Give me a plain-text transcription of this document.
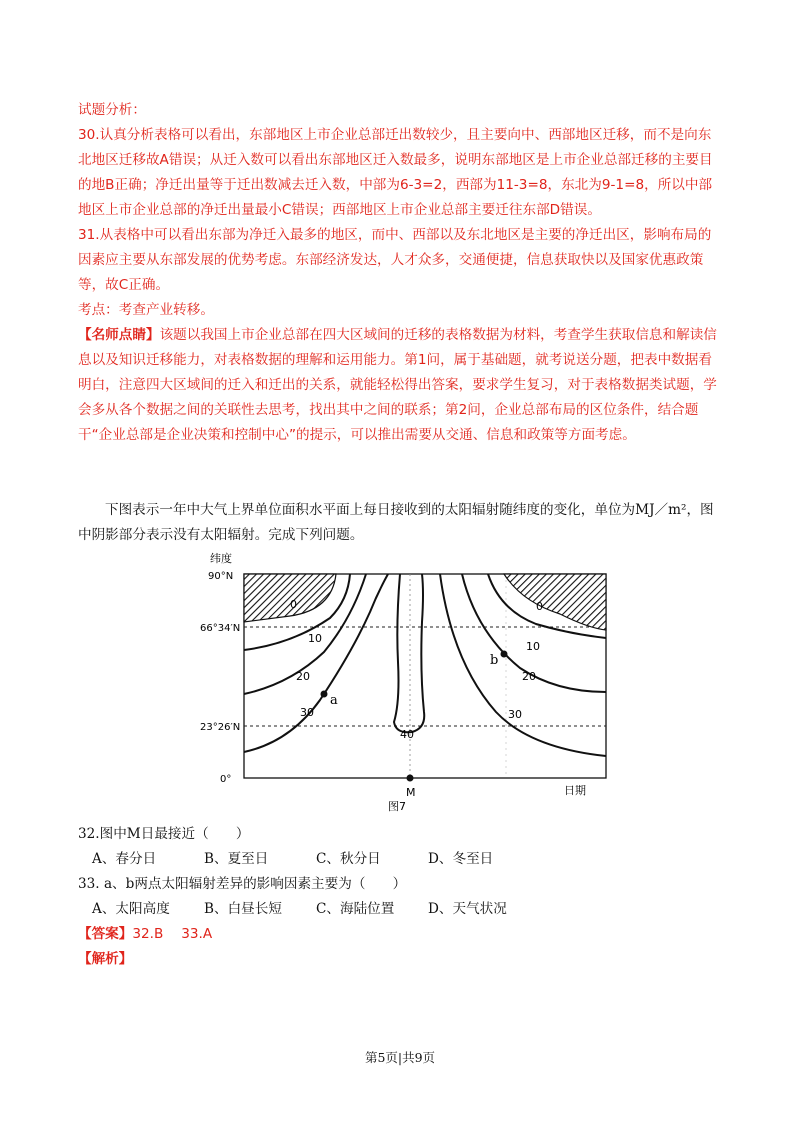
试题分析：

30.认真分析表格可以看出，东部地区上市企业总部迁出数较少，且主要向中、西部地区迁移，而不是向东北地区迁移故A错误；从迁入数可以看出东部地区迁入数最多，说明东部地区是上市企业总部迁移的主要目的地B正确；净迁出量等于迁出数减去迁入数，中部为6-3=2，西部为11-3=8，东北为9-1=8，所以中部地区上市企业总部的净迁出量最小C错误；西部地区上市企业总部主要迁往东部D错误。

31.从表格中可以看出东部为净迁入最多的地区，而中、西部以及东北地区是主要的净迁出区，影响布局的因素应主要从东部发展的优势考虑。东部经济发达，人才众多，交通便捷，信息获取快以及国家优惠政策等，故C正确。

考点：考查产业转移。

【名师点睛】该题以我国上市企业总部在四大区域间的迁移的表格数据为材料，考查学生获取信息和解读信息以及知识迁移能力，对表格数据的理解和运用能力。第1问，属于基础题，就考说送分题，把表中数据看明白，注意四大区域间的迁入和迁出的关系，就能轻松得出答案，要求学生复习，对于表格数据类试题，学会多从各个数据之间的关联性去思考，找出其中之间的联系；第2问，企业总部布局的区位条件，结合题干“企业总部是企业决策和控制中心”的提示，可以推出需要从交通、信息和政策等方面考虑。

下图表示一年中大气上界单位面积水平面上每日接收到的太阳辐射随纬度的变化，单位为MJ／m²，图中阴影部分表示没有太阳辐射。完成下列问题。

0
10
20
30
40
0
10
20
30
a
b
M
纬度
90°N
66°34′N
23°26′N
0°
日期
图7

32.图中M日最接近（　　）

A、春分日	B、夏至日	C、秋分日	D、冬至日

33. a、b两点太阳辐射差异的影响因素主要为（　　）

A、太阳高度	B、白昼长短	C、海陆位置 D、天气状况

【答案】32.B　 33.A

【解析】

第5页|共9页
